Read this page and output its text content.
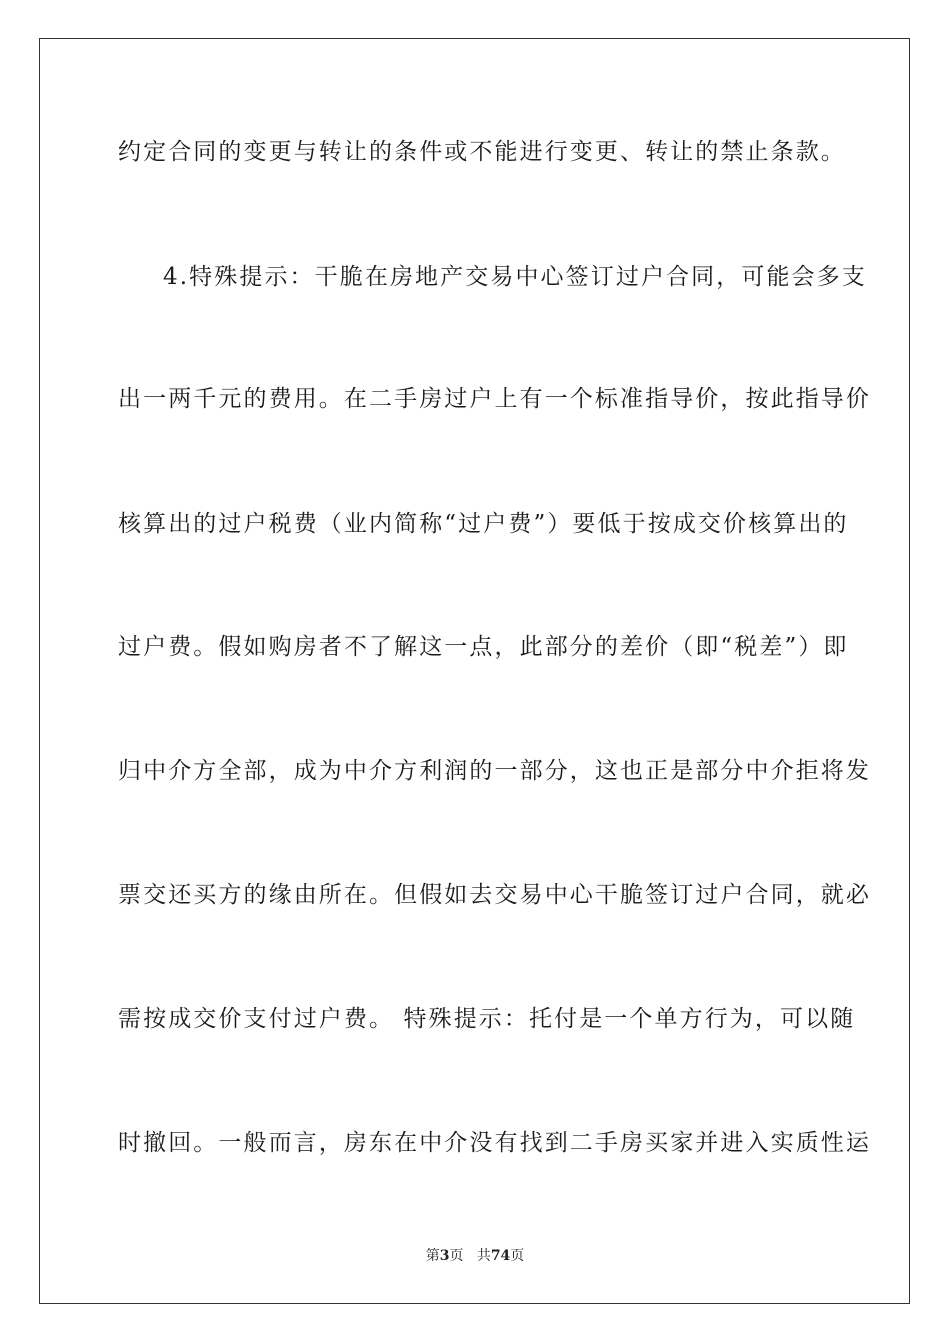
约定合同的变更与转让的条件或不能进行变更、转让的禁止条款。

4.特殊提示：干脆在房地产交易中心签订过户合同，可能会多支

出一两千元的费用。在二手房过户上有一个标准指导价，按此指导价

核算出的过户税费（业内简称“过户费”）要低于按成交价核算出的

过户费。假如购房者不了解这一点，此部分的差价（即“税差”）即

归中介方全部，成为中介方利润的一部分，这也正是部分中介拒将发

票交还买方的缘由所在。但假如去交易中心干脆签订过户合同，就必

需按成交价支付过户费。 特殊提示：托付是一个单方行为，可以随

时撤回。一般而言，房东在中介没有找到二手房买家并进入实质性运

第3页 共74页
